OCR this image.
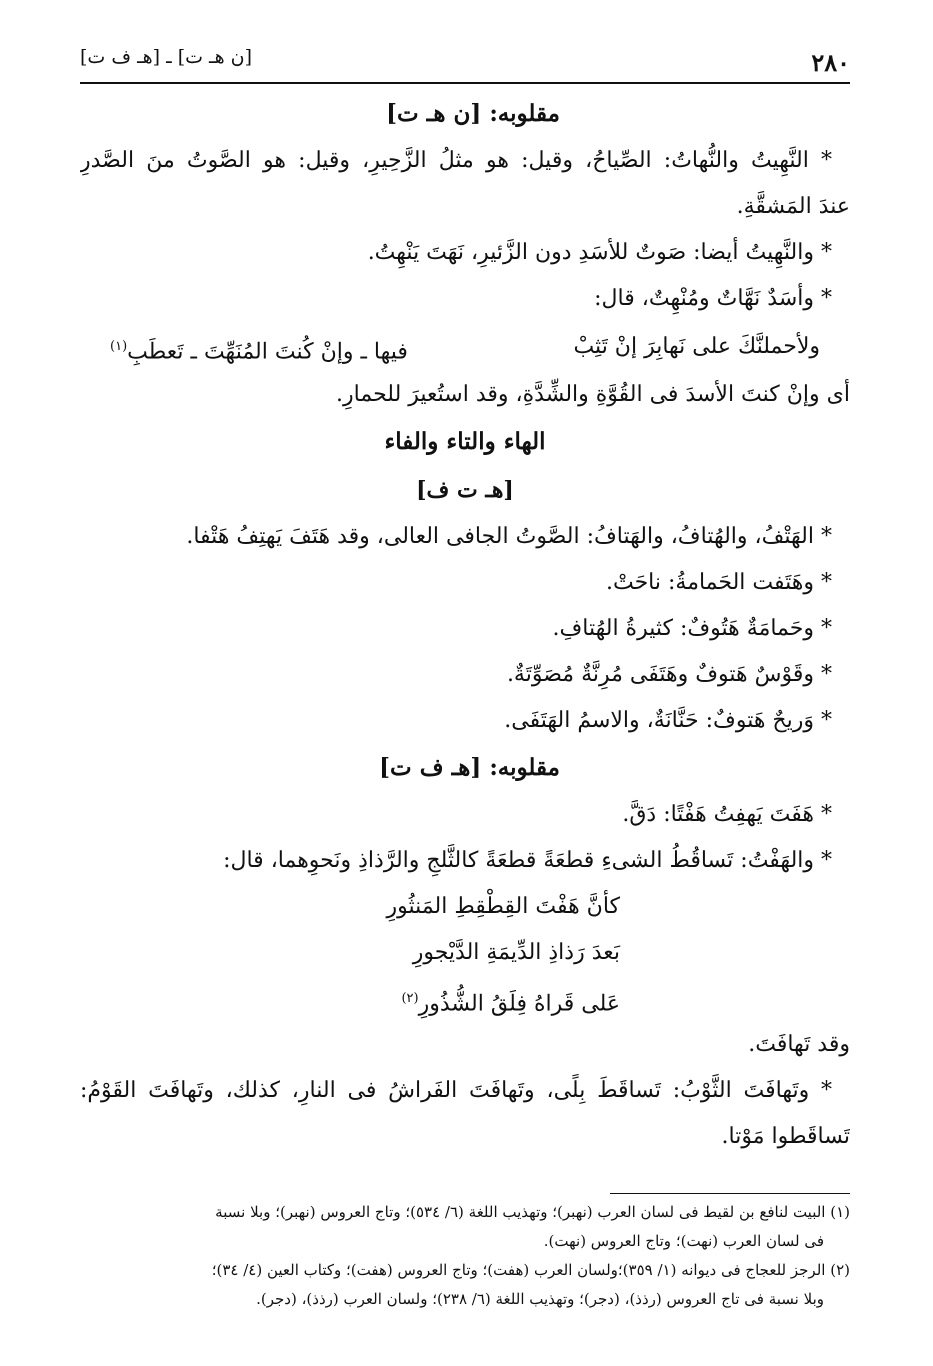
٢٨٠
[ن هـ ت] ـ [هـ ف ت]
مقلوبه: [ن هـ ت]
* النَّهِيتُ والنُّهاتُ: الصِّياحُ، وقيل: هو مثلُ الزَّحِيرِ، وقيل: هو الصَّوتُ منَ الصَّدرِ
عندَ المَشقَّةِ.
* والنَّهِيتُ أيضا: صَوتٌ للأسَدِ دون الزَّئيرِ، نَهَتَ يَنْهِتُ.
* وأسَدٌ نَهَّاتٌ ومُنْهِتٌ، قال:
ولأحملنَّكَ على نَهابِرَ إنْ تَثِبْ
فيها ـ وإنْ كُنتَ المُنَهِّتَ ـ تَعطَبِ$^{(١)}$
أى وإنْ كنتَ الأسدَ فى القُوَّةِ والشِّدَّةِ، وقد استُعيرَ للحمارِ.
الهاء والتاء والفاء
[هـ ت ف]
* الهَتْفُ، والهُتافُ، والهَتافُ: الصَّوتُ الجافى العالى، وقد هَتَفَ يَهتِفُ هَتْفا.
* وهَتَفت الحَمامةُ: ناحَتْ.
* وحَمامَةٌ هَتُوفٌ: كثيرةُ الهُتافِ.
* وقَوْسٌ هَتوفٌ وهَتَفَى مُرِنَّةٌ مُصَوِّتَةٌ.
* وَريحٌ هَتوفٌ: حَنَّانَةٌ، والاسمُ الهَتَفَى.
مقلوبه: [هـ ف ت]
* هَفَتَ يَهفِتُ هَفْتًا: دَقَّ.
* والهَفْتُ: تَساقُطُ الشىءِ قطعَةً قطعَةً كالثَّلجِ والرَّذاذِ ونَحوِهما، قال:
كأنَّ هَفْتَ القِطْقِطِ المَنثُورِ
بَعدَ رَذاذِ الدِّيمَةِ الدَّيْجورِ
عَلى قَراهُ فِلَقُ الشُّذُورِ$^{(٢)}$
وقد تَهافَتَ.
* وتَهافَتَ الثَّوْبُ: تَساقَطَ بِلًى، وتَهافَتَ الفَراشُ فى النارِ، كذلك، وتَهافَتَ القَوْمُ:
تَساقَطوا مَوْتا.
(١) البيت لنافع بن لقيط فى لسان العرب (نهبر)؛ وتهذيب اللغة (٦/ ٥٣٤)؛ وتاج العروس (نهبر)؛ وبلا نسبة
فى لسان العرب (نهت)؛ وتاج العروس (نهت).
(٢) الرجز للعجاج فى ديوانه (١/ ٣٥٩)؛ولسان العرب (هفت)؛ وتاج العروس (هفت)؛ وكتاب العين (٤/ ٣٤)؛
وبلا نسبة فى تاج العروس (رذذ)، (دجر)؛ وتهذيب اللغة (٦/ ٢٣٨)؛ ولسان العرب (رذذ)، (دجر).
